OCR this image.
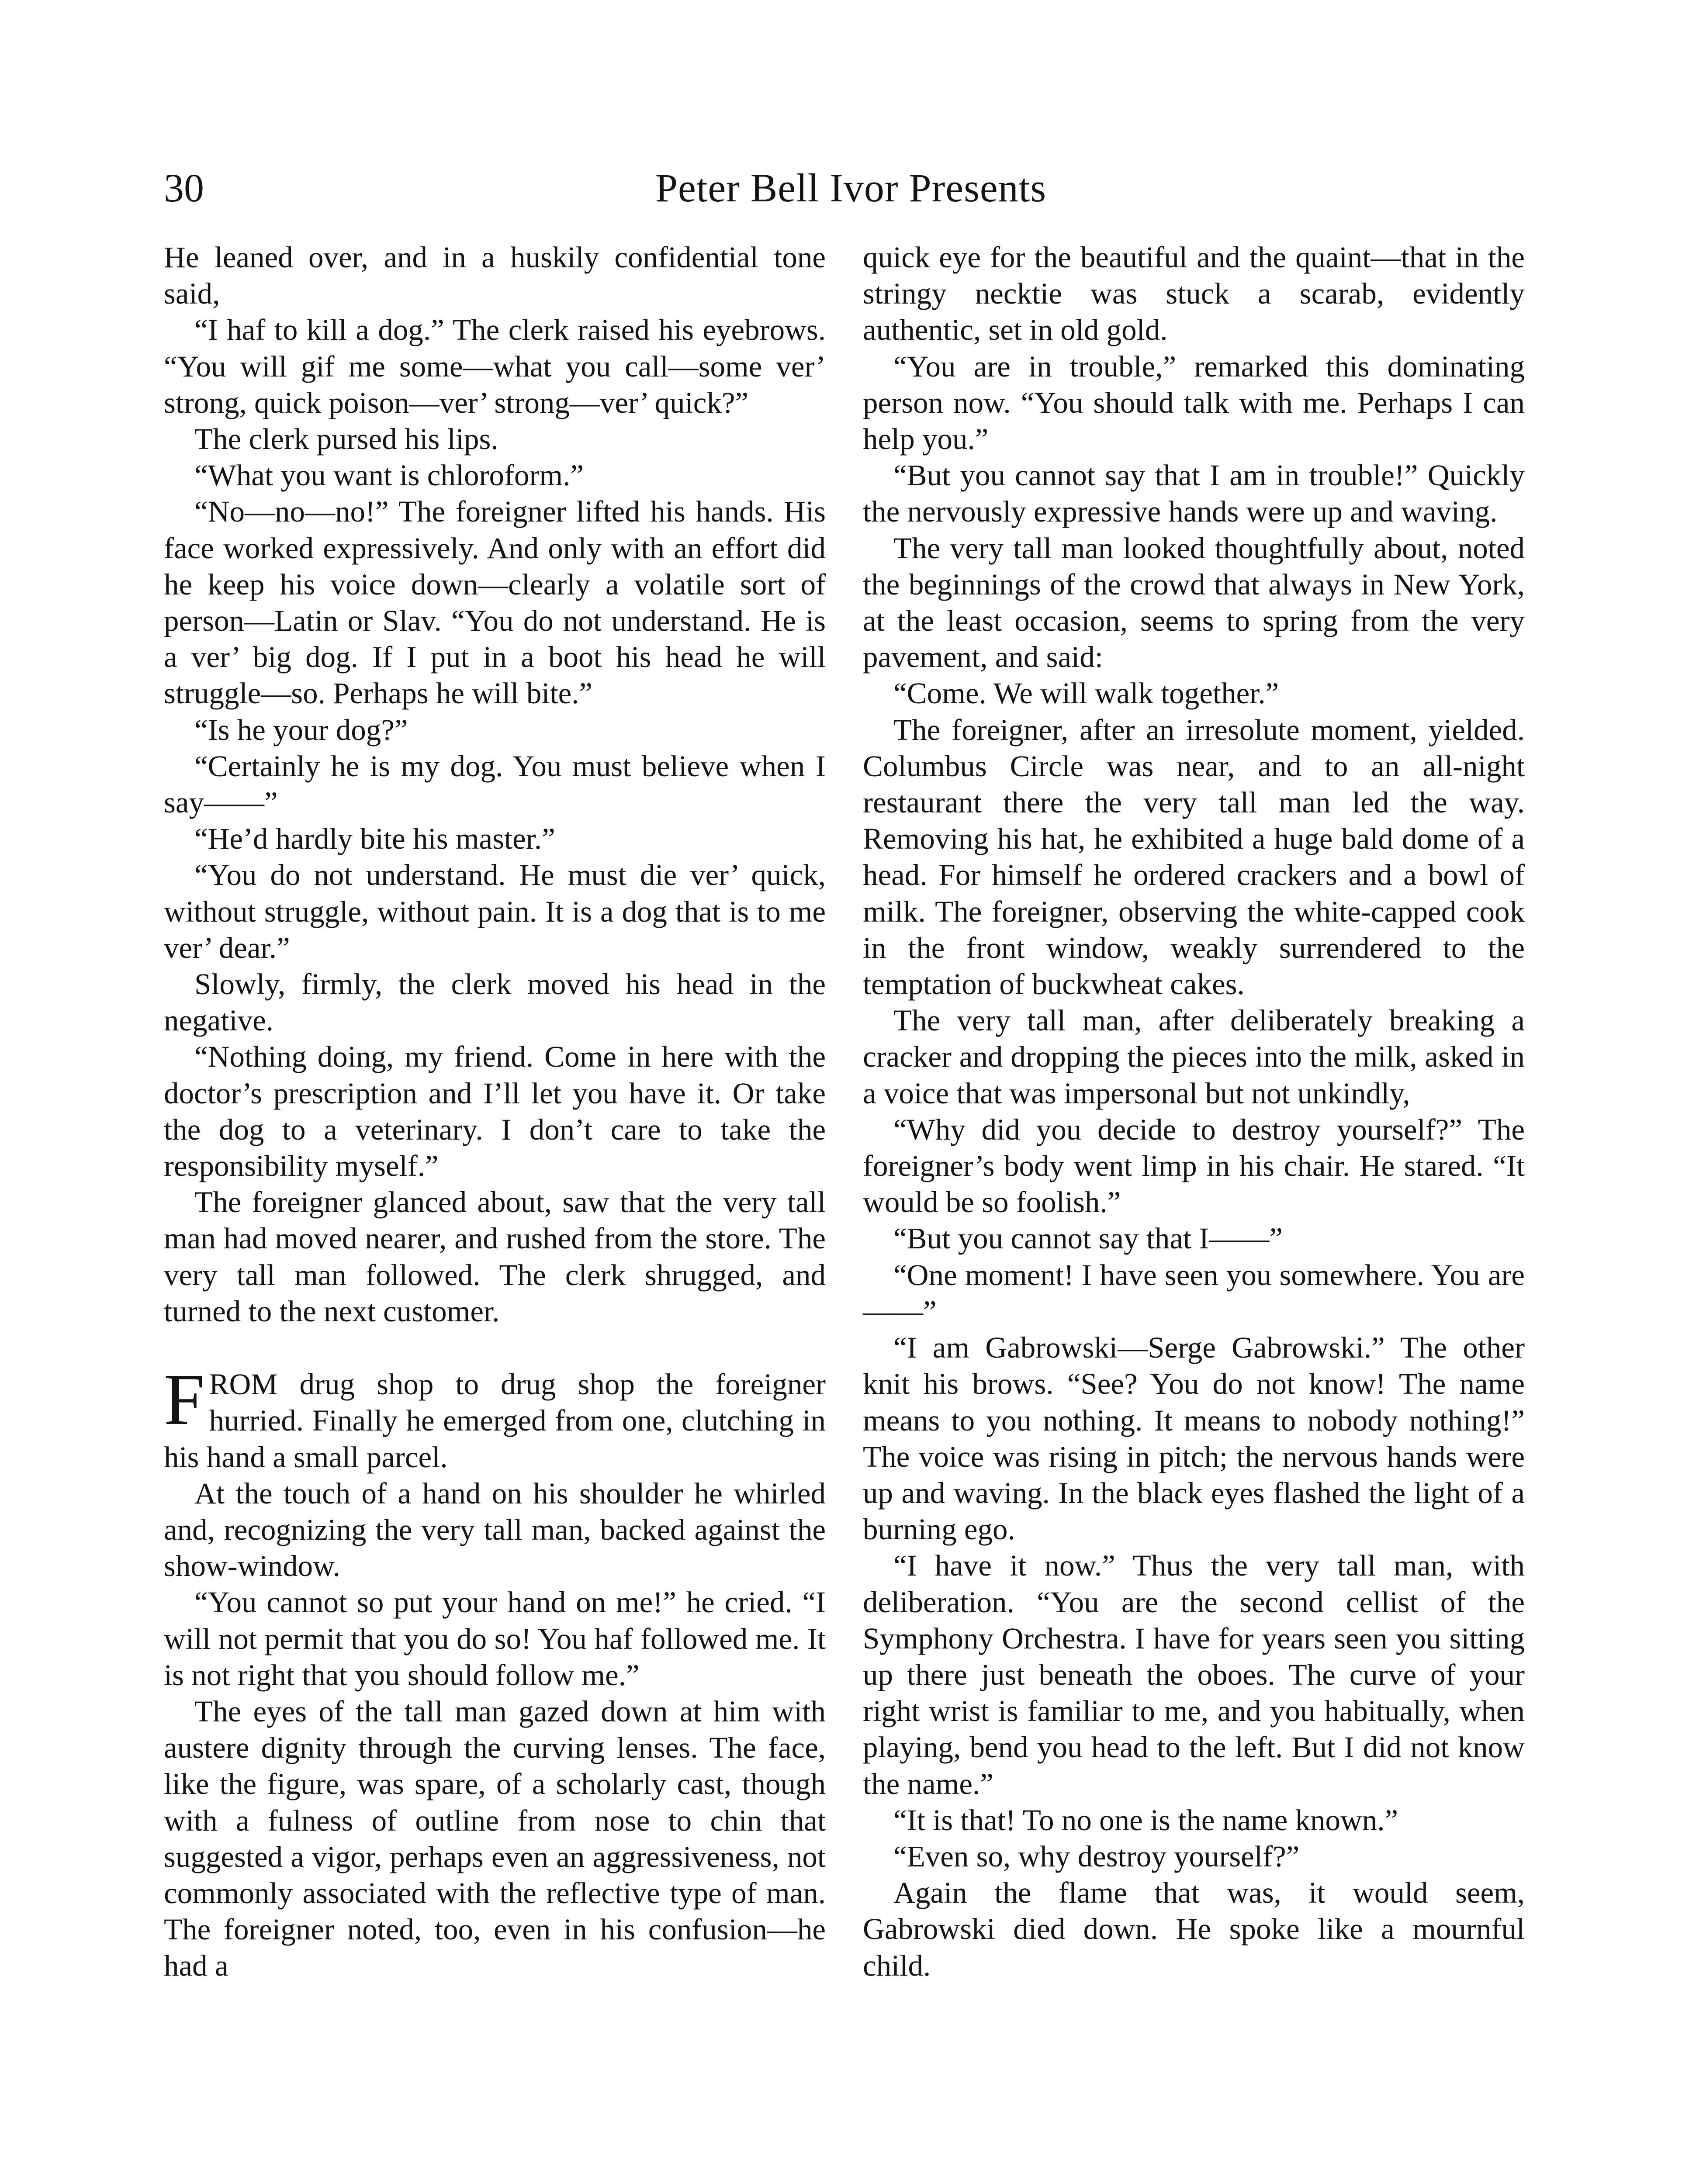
30	Peter Bell Ivor Presents

He leaned over, and in a huskily confidential tone said,

“I haf to kill a dog.” The clerk raised his eyebrows. “You will gif me some—what you call—some ver’ strong, quick poison—ver’ strong—ver’ quick?”

The clerk pursed his lips.

“What you want is chloroform.”

“No—no—no!” The foreigner lifted his hands. His face worked expressively. And only with an effort did he keep his voice down—clearly a volatile sort of person—Latin or Slav. “You do not understand. He is a ver’ big dog. If I put in a boot his head he will struggle—so. Perhaps he will bite.”

“Is he your dog?”

“Certainly he is my dog. You must believe when I say——”

“He’d hardly bite his master.”

“You do not understand. He must die ver’ quick, without struggle, without pain. It is a dog that is to me ver’ dear.”

Slowly, firmly, the clerk moved his head in the negative.

“Nothing doing, my friend. Come in here with the doctor’s prescription and I’ll let you have it. Or take the dog to a veterinary. I don’t care to take the responsibility myself.”

The foreigner glanced about, saw that the very tall man had moved nearer, and rushed from the store. The very tall man followed. The clerk shrugged, and turned to the next customer.

FROM drug shop to drug shop the foreigner hurried. Finally he emerged from one, clutching in his hand a small parcel.

At the touch of a hand on his shoulder he whirled and, recognizing the very tall man, backed against the show-window.

“You cannot so put your hand on me!” he cried. “I will not permit that you do so! You haf followed me. It is not right that you should follow me.”

The eyes of the tall man gazed down at him with austere dignity through the curving lenses. The face, like the figure, was spare, of a scholarly cast, though with a fulness of outline from nose to chin that suggested a vigor, perhaps even an aggressiveness, not commonly associated with the reflective type of man. The foreigner noted, too, even in his confusion—he had a

quick eye for the beautiful and the quaint—that in the stringy necktie was stuck a scarab, evidently authentic, set in old gold.

“You are in trouble,” remarked this dominating person now. “You should talk with me. Perhaps I can help you.”

“But you cannot say that I am in trouble!” Quickly the nervously expressive hands were up and waving.

The very tall man looked thoughtfully about, noted the beginnings of the crowd that always in New York, at the least occasion, seems to spring from the very pavement, and said:

“Come. We will walk together.”

The foreigner, after an irresolute moment, yielded. Columbus Circle was near, and to an all-night restaurant there the very tall man led the way. Removing his hat, he exhibited a huge bald dome of a head. For himself he ordered crackers and a bowl of milk. The foreigner, observing the white-capped cook in the front window, weakly surrendered to the temptation of buckwheat cakes.

The very tall man, after deliberately breaking a cracker and dropping the pieces into the milk, asked in a voice that was impersonal but not unkindly,

“Why did you decide to destroy yourself?” The foreigner’s body went limp in his chair. He stared. “It would be so foolish.”

“But you cannot say that I——”

“One moment! I have seen you somewhere. You are——”

“I am Gabrowski—Serge Gabrowski.” The other knit his brows. “See? You do not know! The name means to you nothing. It means to nobody nothing!” The voice was rising in pitch; the nervous hands were up and waving. In the black eyes flashed the light of a burning ego.

“I have it now.” Thus the very tall man, with deliberation. “You are the second cellist of the Symphony Orchestra. I have for years seen you sitting up there just beneath the oboes. The curve of your right wrist is familiar to me, and you habitually, when playing, bend you head to the left. But I did not know the name.”

“It is that! To no one is the name known.”

“Even so, why destroy yourself?”

Again the flame that was, it would seem, Gabrowski died down. He spoke like a mournful child.
